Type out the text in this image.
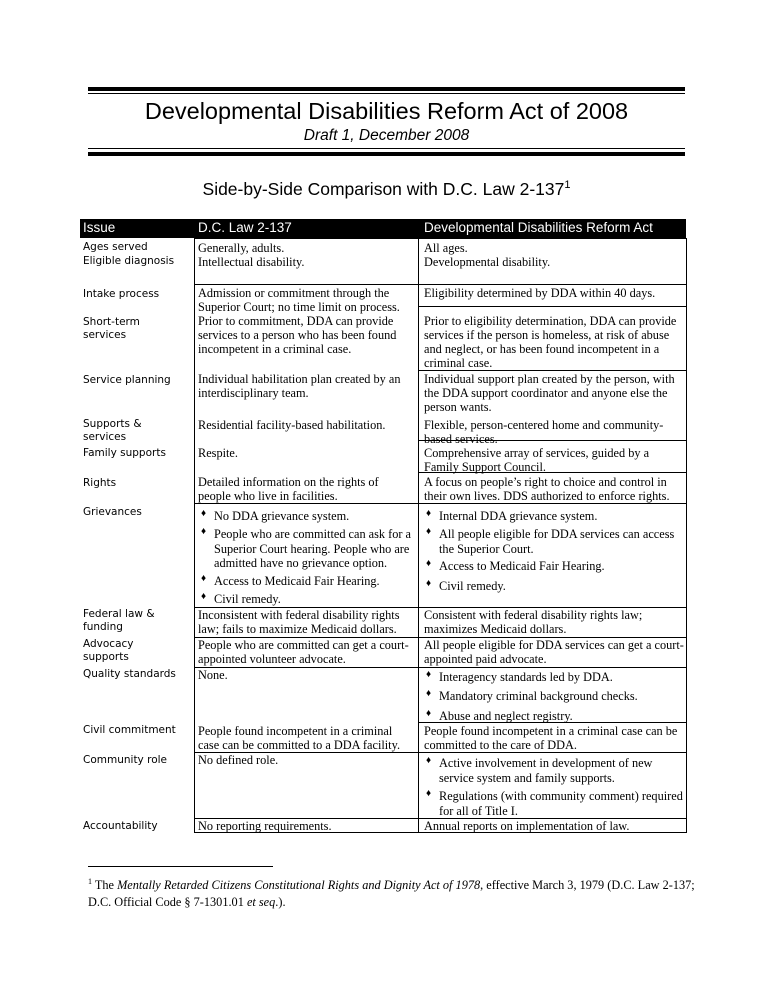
Developmental Disabilities Reform Act of 2008
Draft 1, December 2008
Side-by-Side Comparison with D.C. Law $2-137^1$
Issue	D.C. Law 2-137	Developmental Disabilities Reform Act
Ages served
Eligible diagnosis
Intake process
Short-term services
Service planning
Supports & services
Family supports
Rights
Grievances
Federal law & funding
Advocacy supports
Quality standards
Civil commitment
Community role
Accountability
Generally, adults.
Intellectual disability.
Admission or commitment through the Superior Court; no time limit on process.
Prior to commitment, DDA can provide services to a person who has been found incompetent in a criminal case.
Individual habilitation plan created by an interdisciplinary team.
Residential facility-based habilitation.
Respite.
Detailed information on the rights of people who live in facilities.
♦ No DDA grievance system.
♦ People who are committed can ask for a Superior Court hearing. People who are admitted have no grievance option.
♦ Access to Medicaid Fair Hearing.
♦ Civil remedy.
Inconsistent with federal disability rights law; fails to maximize Medicaid dollars.
People who are committed can get a court-appointed volunteer advocate.
None.
People found incompetent in a criminal case can be committed to a DDA facility.
No defined role.
No reporting requirements.
All ages.
Developmental disability.
Eligibility determined by DDA within 40 days.
Prior to eligibility determination, DDA can provide services if the person is homeless, at risk of abuse and neglect, or has been found incompetent in a criminal case.
Individual support plan created by the person, with the DDA support coordinator and anyone else the person wants.
Flexible, person-centered home and community-based services.
Comprehensive array of services, guided by a Family Support Council.
A focus on people’s right to choice and control in their own lives. DDS authorized to enforce rights.
♦ Internal DDA grievance system.
♦ All people eligible for DDA services can access the Superior Court.
♦ Access to Medicaid Fair Hearing.
♦ Civil remedy.
Consistent with federal disability rights law; maximizes Medicaid dollars.
All people eligible for DDA services can get a court-appointed paid advocate.
♦ Interagency standards led by DDA.
♦ Mandatory criminal background checks.
♦ Abuse and neglect registry.
People found incompetent in a criminal case can be committed to the care of DDA.
♦ Active involvement in development of new service system and family supports.
♦ Regulations (with community comment) required for all of Title I.
Annual reports on implementation of law.
$^1$ The Mentally Retarded Citizens Constitutional Rights and Dignity Act of 1978, effective March 3, 1979 (D.C. Law 2-137; D.C. Official Code § 7-1301.01 et seq.).
